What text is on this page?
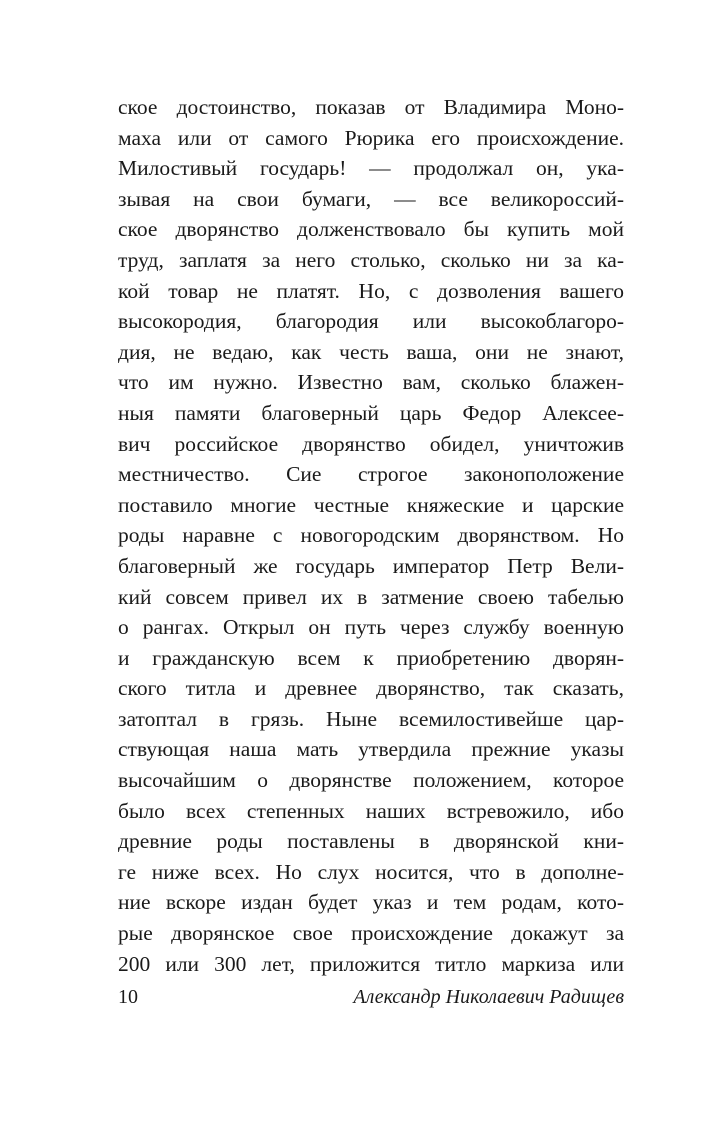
ское достоинство, показав от Владимира Моно-
маха или от самого Рюрика его происхождение.
Милостивый государь! — продолжал он, ука-
зывая на свои бумаги, — все великороссий-
ское дворянство долженствовало бы купить мой
труд, заплатя за него столько, сколько ни за ка-
кой товар не платят. Но, с дозволения вашего
высокородия, благородия или высокоблагоро-
дия, не ведаю, как честь ваша, они не знают,
что им нужно. Известно вам, сколько блажен-
ныя памяти благоверный царь Федор Алексее-
вич российское дворянство обидел, уничтожив
местничество. Сие строгое законоположение
поставило многие честные княжеские и царские
роды наравне с новогородским дворянством. Но
благоверный же государь император Петр Вели-
кий совсем привел их в затмение своею табелью
о рангах. Открыл он путь через службу военную
и гражданскую всем к приобретению дворян-
ского титла и древнее дворянство, так сказать,
затоптал в грязь. Ныне всемилостивейше цар-
ствующая наша мать утвердила прежние указы
высочайшим о дворянстве положением, которое
было всех степенных наших встревожило, ибо
древние роды поставлены в дворянской кни-
ге ниже всех. Но слух носится, что в дополне-
ние вскоре издан будет указ и тем родам, кото-
рые дворянское свое происхождение докажут за
200 или 300 лет, приложится титло маркиза или
10	Александр Николаевич Радищев
